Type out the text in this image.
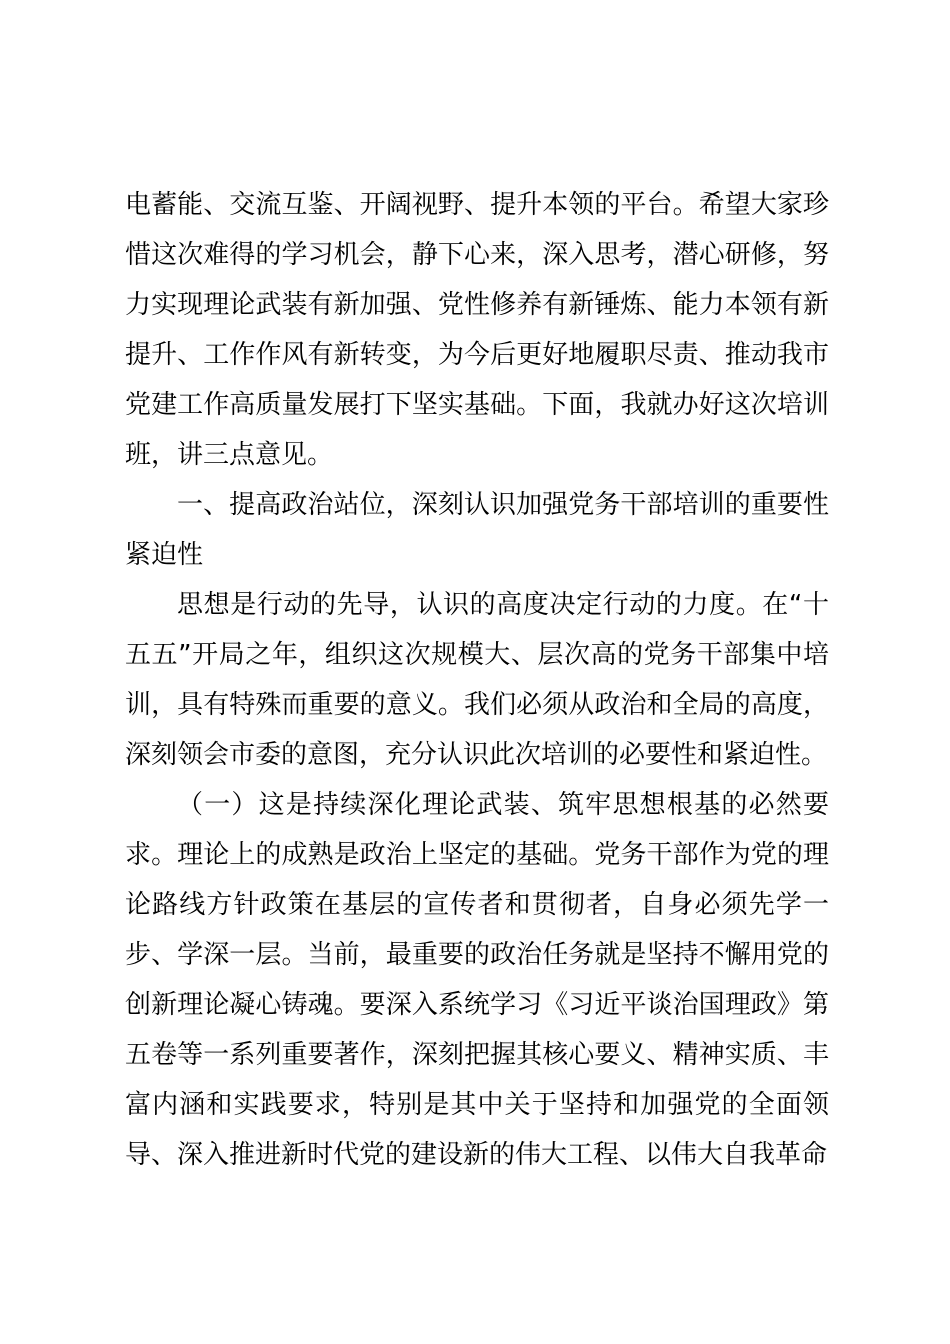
电蓄能、交流互鉴、开阔视野、提升本领的平台。希望大家珍惜这次难得的学习机会，静下心来，深入思考，潜心研修，努力实现理论武装有新加强、党性修养有新锤炼、能力本领有新提升、工作作风有新转变，为今后更好地履职尽责、推动我市党建工作高质量发展打下坚实基础。下面，我就办好这次培训班，讲三点意见。

一、提高政治站位，深刻认识加强党务干部培训的重要性紧迫性

思想是行动的先导，认识的高度决定行动的力度。在“十五五”开局之年，组织这次规模大、层次高的党务干部集中培训，具有特殊而重要的意义。我们必须从政治和全局的高度，深刻领会市委的意图，充分认识此次培训的必要性和紧迫性。

（一）这是持续深化理论武装、筑牢思想根基的必然要求。理论上的成熟是政治上坚定的基础。党务干部作为党的理论路线方针政策在基层的宣传者和贯彻者，自身必须先学一步、学深一层。当前，最重要的政治任务就是坚持不懈用党的创新理论凝心铸魂。要深入系统学习《习近平谈治国理政》第五卷等一系列重要著作，深刻把握其核心要义、精神实质、丰富内涵和实践要求，特别是其中关于坚持和加强党的全面领导、深入推进新时代党的建设新的伟大工程、以伟大自我革命
